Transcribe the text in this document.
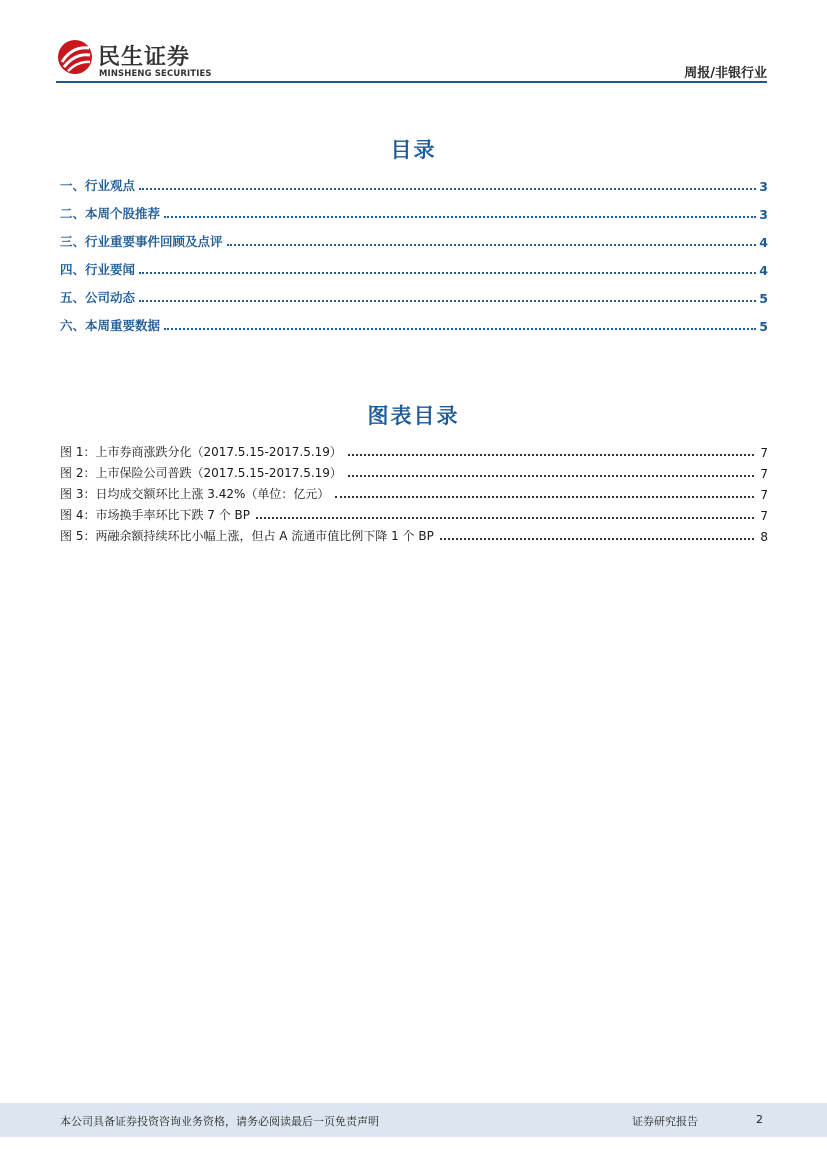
民生证券
MINSHENG SECURITIES	周报/非银行业
目录
一、行业观点	3
二、本周个股推荐	3
三、行业重要事件回顾及点评	4
四、行业要闻	4
五、公司动态	5
六、本周重要数据	5
图表目录
图 1：上市券商涨跌分化（2017.5.15-2017.5.19）	7
图 2：上市保险公司普跌（2017.5.15-2017.5.19）	7
图 3：日均成交额环比上涨 3.42%（单位：亿元）	7
图 4：市场换手率环比下跌 7 个 BP	7
图 5：两融余额持续环比小幅上涨，但占 A 流通市值比例下降 1 个 BP	8
本公司具备证券投资咨询业务资格，请务必阅读最后一页免责声明	证券研究报告	2
